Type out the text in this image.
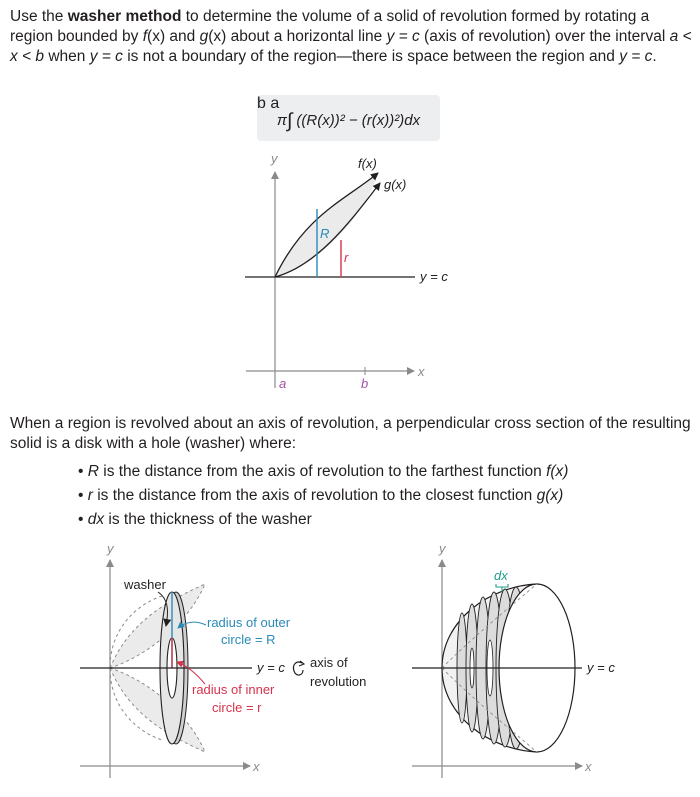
Use the washer method to determine the volume of a solid of revolution formed by rotating a region bounded by f(x) and g(x) about a horizontal line y = c (axis of revolution) over the interval a < x < b when y = c is not a boundary of the region—there is space between the region and y = c.
π∫ ((R(x))² − (r(x))²)dx
b a
When a region is revolved about an axis of revolution, a perpendicular cross section of the resulting solid is a disk with a hole (washer) where:
• R is the distance from the axis of revolution to the farthest function f(x)
• r is the distance from the axis of revolution to the closest function g(x)
• dx is the thickness of the washer
y
x
a	b
R
r
f(x)
g(x)
y = c
y
x
washer
radius of outer
circle = R
radius of inner
circle = r
y = c axis of
revolution
y
x
dx
y = c
